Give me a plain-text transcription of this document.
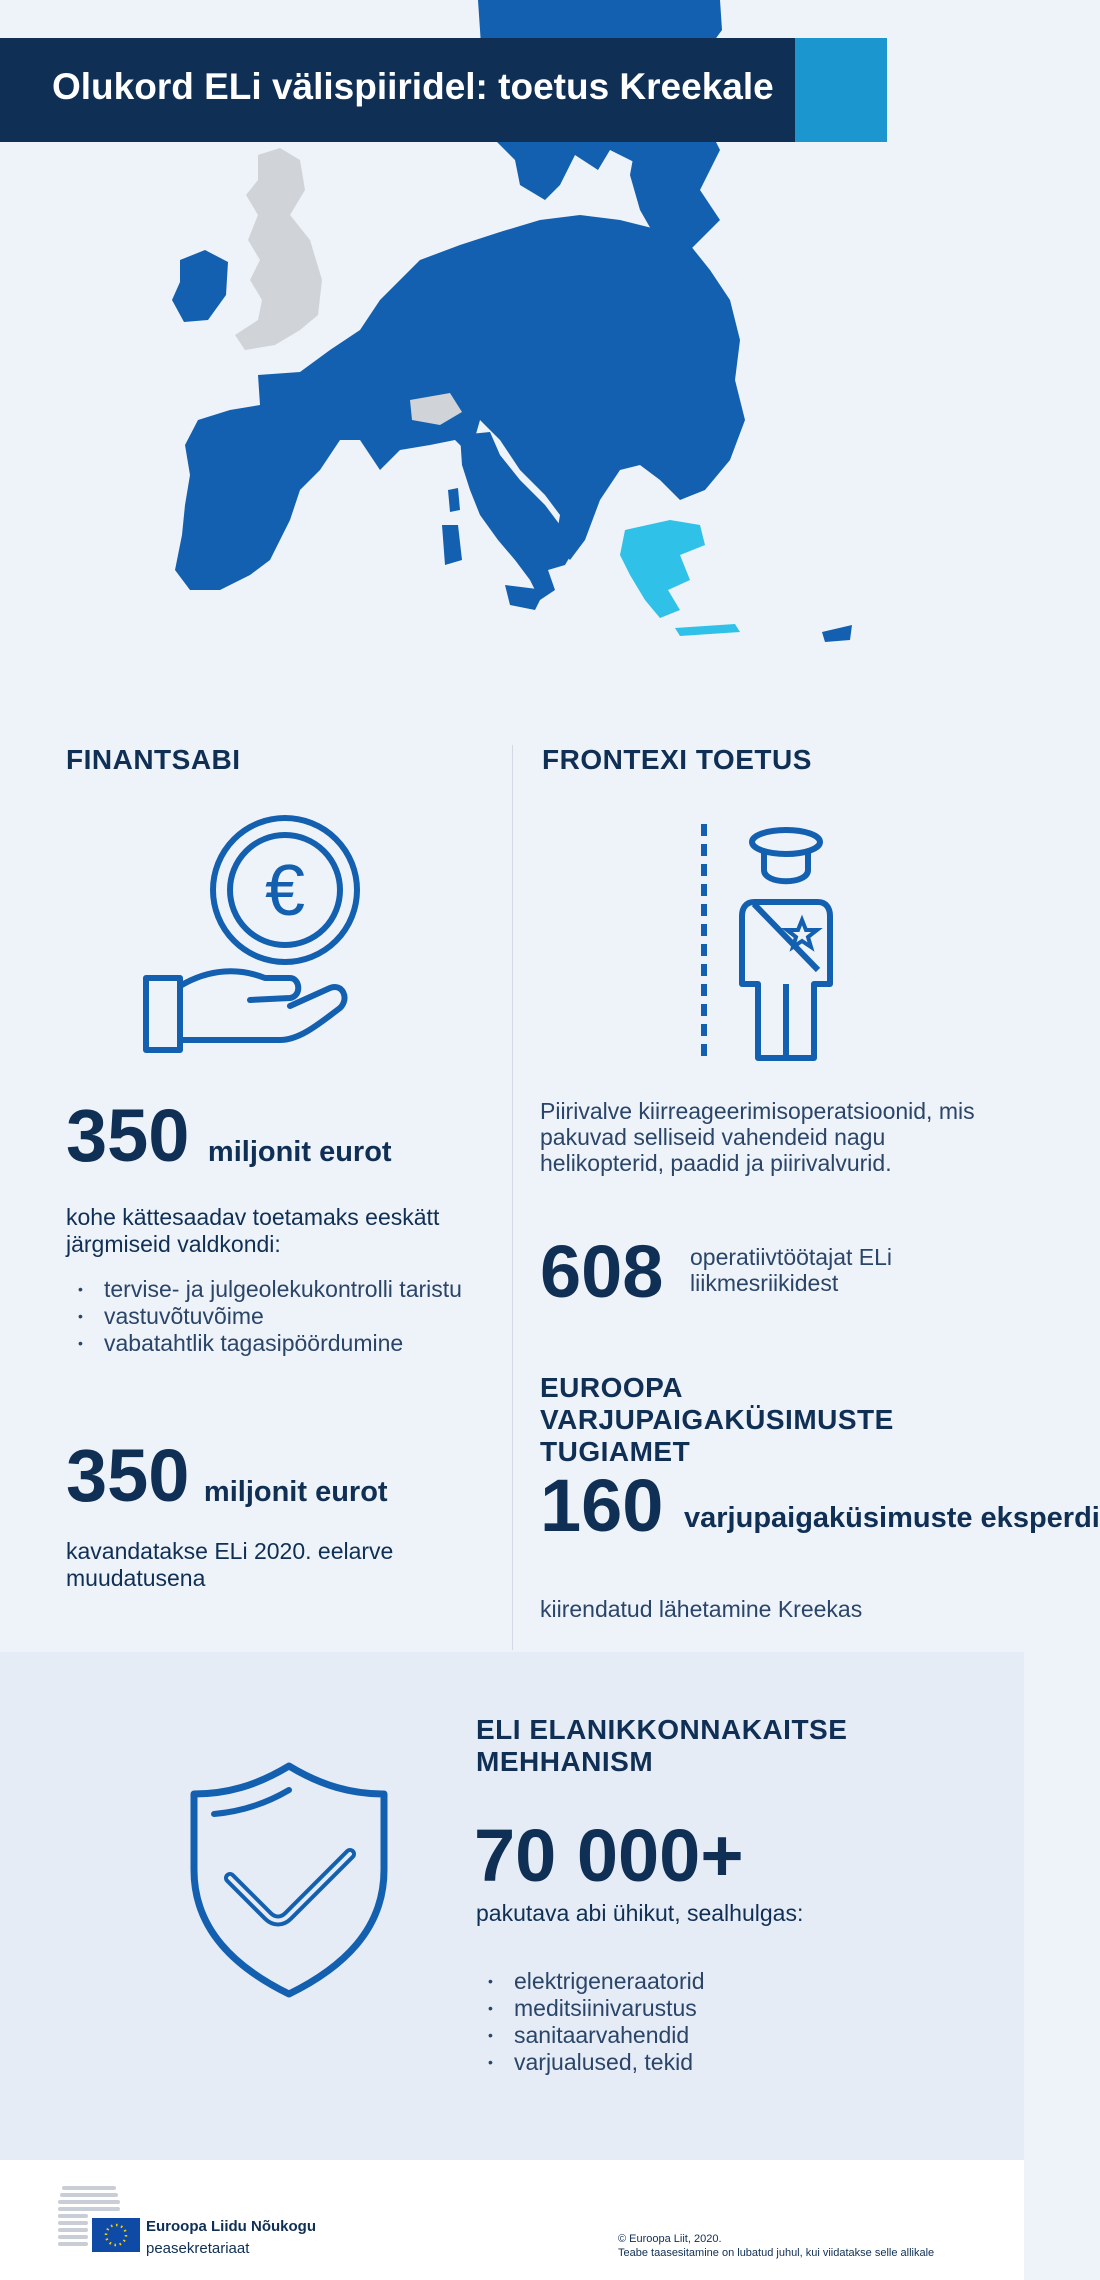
Olukord ELi välispiiridel: toetus Kreekale
FINANTSABI
€
350 miljonit eurot
kohe kättesaadav toetamaks eeskätt järgmiseid valdkondi:
• tervise- ja julgeolekukontrolli taristu
• vastuvõtuvõime
• vabatahtlik tagasipöördumine
350 miljonit eurot
kavandatakse ELi 2020. eelarve muudatusena
FRONTEXI TOETUS
Piirivalve kiirreageerimisoperatsioonid, mis pakuvad selliseid vahendeid nagu helikopterid, paadid ja piirivalvurid.
608 operatiivtöötajat ELi liikmesriikidest
EUROOPA VARJUPAIGAKÜSIMUSTE TUGIAMET
160 varjupaigaküsimuste eksperdi
kiirendatud lähetamine Kreekas
ELI ELANIKKONNAKAITSE MEHHANISM
70 000+
pakutava abi ühikut, sealhulgas:
• elektrigeneraatorid
• meditsiinivarustus
• sanitaarvahendid
• varjualused, tekid
Euroopa Liidu Nõukogu
peasekretariaat
© Euroopa Liit, 2020.
Teabe taasesitamine on lubatud juhul, kui viidatakse selle allikale
